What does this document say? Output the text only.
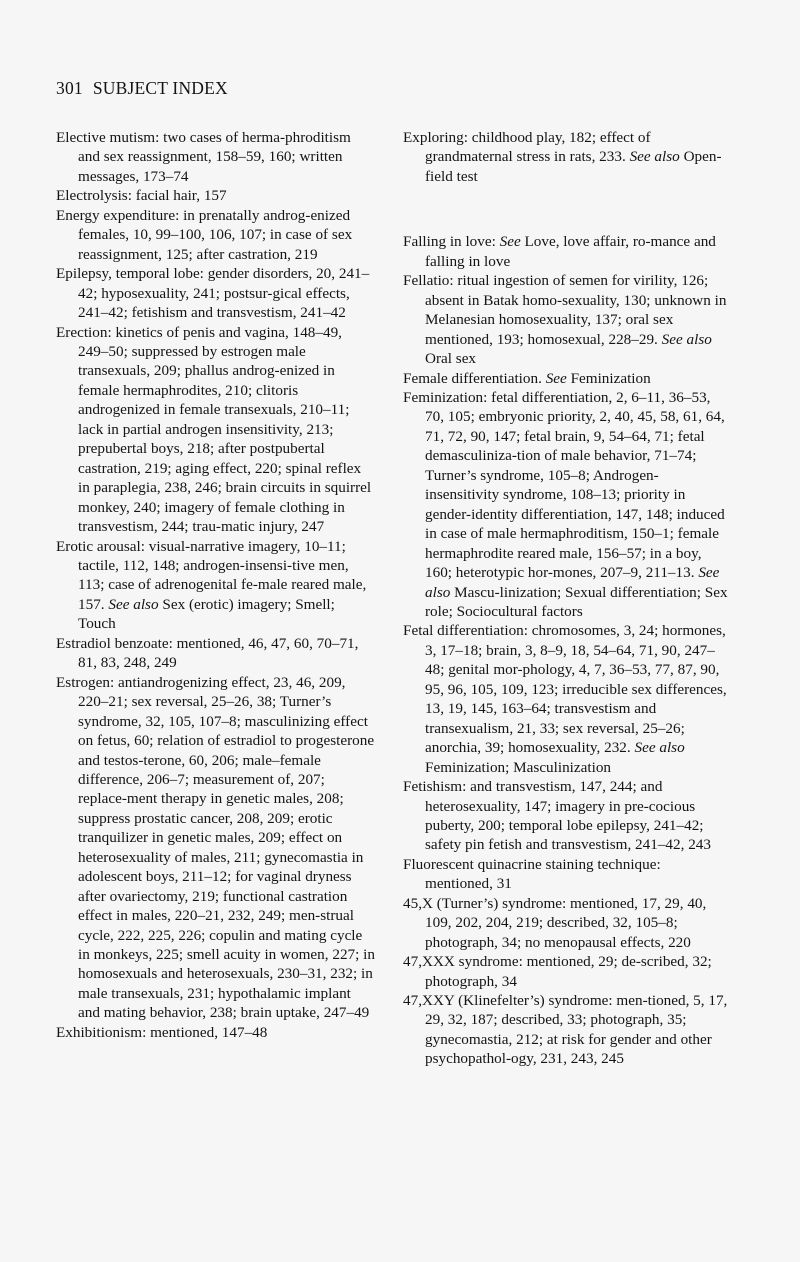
301 SUBJECT INDEX

Elective mutism: two cases of herma-phroditism and sex reassignment, 158–59, 160; written messages, 173–74

Electrolysis: facial hair, 157

Energy expenditure: in prenatally androg-enized females, 10, 99–100, 106, 107; in case of sex reassignment, 125; after castration, 219

Epilepsy, temporal lobe: gender disorders, 20, 241–42; hyposexuality, 241; postsur-gical effects, 241–42; fetishism and transvestism, 241–42

Erection: kinetics of penis and vagina, 148–49, 249–50; suppressed by estrogen male transexuals, 209; phallus androg-enized in female hermaphrodites, 210; clitoris androgenized in female transexuals, 210–11; lack in partial androgen insensitivity, 213; prepubertal boys, 218; after postpubertal castration, 219; aging effect, 220; spinal reflex in paraplegia, 238, 246; brain circuits in squirrel monkey, 240; imagery of female clothing in transvestism, 244; trau-matic injury, 247

Erotic arousal: visual-narrative imagery, 10–11; tactile, 112, 148; androgen-insensi-tive men, 113; case of adrenogenital fe-male reared male, 157. See also Sex (erotic) imagery; Smell; Touch

Estradiol benzoate: mentioned, 46, 47, 60, 70–71, 81, 83, 248, 249

Estrogen: antiandrogenizing effect, 23, 46, 209, 220–21; sex reversal, 25–26, 38; Turner’s syndrome, 32, 105, 107–8; masculinizing effect on fetus, 60; relation of estradiol to progesterone and testos-terone, 60, 206; male–female difference, 206–7; measurement of, 207; replace-ment therapy in genetic males, 208; suppress prostatic cancer, 208, 209; erotic tranquilizer in genetic males, 209; effect on heterosexuality of males, 211; gynecomastia in adolescent boys, 211–12; for vaginal dryness after ovariectomy, 219; functional castration effect in males, 220–21, 232, 249; men-strual cycle, 222, 225, 226; copulin and mating cycle in monkeys, 225; smell acuity in women, 227; in homosexuals and heterosexuals, 230–31, 232; in male transexuals, 231; hypothalamic implant and mating behavior, 238; brain uptake, 247–49

Exhibitionism: mentioned, 147–48

Exploring: childhood play, 182; effect of grandmaternal stress in rats, 233. See also Open-field test

Falling in love: See Love, love affair, ro-mance and falling in love

Fellatio: ritual ingestion of semen for virility, 126; absent in Batak homo-sexuality, 130; unknown in Melanesian homosexuality, 137; oral sex mentioned, 193; homosexual, 228–29. See also Oral sex

Female differentiation. See Feminization

Feminization: fetal differentiation, 2, 6–11, 36–53, 70, 105; embryonic priority, 2, 40, 45, 58, 61, 64, 71, 72, 90, 147; fetal brain, 9, 54–64, 71; fetal demasculiniza-tion of male behavior, 71–74; Turner’s syndrome, 105–8; Androgen-insensitivity syndrome, 108–13; priority in gender-identity differentiation, 147, 148; induced in case of male hermaphroditism, 150–1; female hermaphrodite reared male, 156–57; in a boy, 160; heterotypic hor-mones, 207–9, 211–13. See also Mascu-linization; Sexual differentiation; Sex role; Sociocultural factors

Fetal differentiation: chromosomes, 3, 24; hormones, 3, 17–18; brain, 3, 8–9, 18, 54–64, 71, 90, 247–48; genital mor-phology, 4, 7, 36–53, 77, 87, 90, 95, 96, 105, 109, 123; irreducible sex differences, 13, 19, 145, 163–64; transvestism and transexualism, 21, 33; sex reversal, 25–26; anorchia, 39; homosexuality, 232. See also Feminization; Masculinization

Fetishism: and transvestism, 147, 244; and heterosexuality, 147; imagery in pre-cocious puberty, 200; temporal lobe epilepsy, 241–42; safety pin fetish and transvestism, 241–42, 243

Fluorescent quinacrine staining technique: mentioned, 31

45,X (Turner’s) syndrome: mentioned, 17, 29, 40, 109, 202, 204, 219; described, 32, 105–8; photograph, 34; no menopausal effects, 220

47,XXX syndrome: mentioned, 29; de-scribed, 32; photograph, 34

47,XXY (Klinefelter’s) syndrome: men-tioned, 5, 17, 29, 32, 187; described, 33; photograph, 35; gynecomastia, 212; at risk for gender and other psychopathol-ogy, 231, 243, 245
